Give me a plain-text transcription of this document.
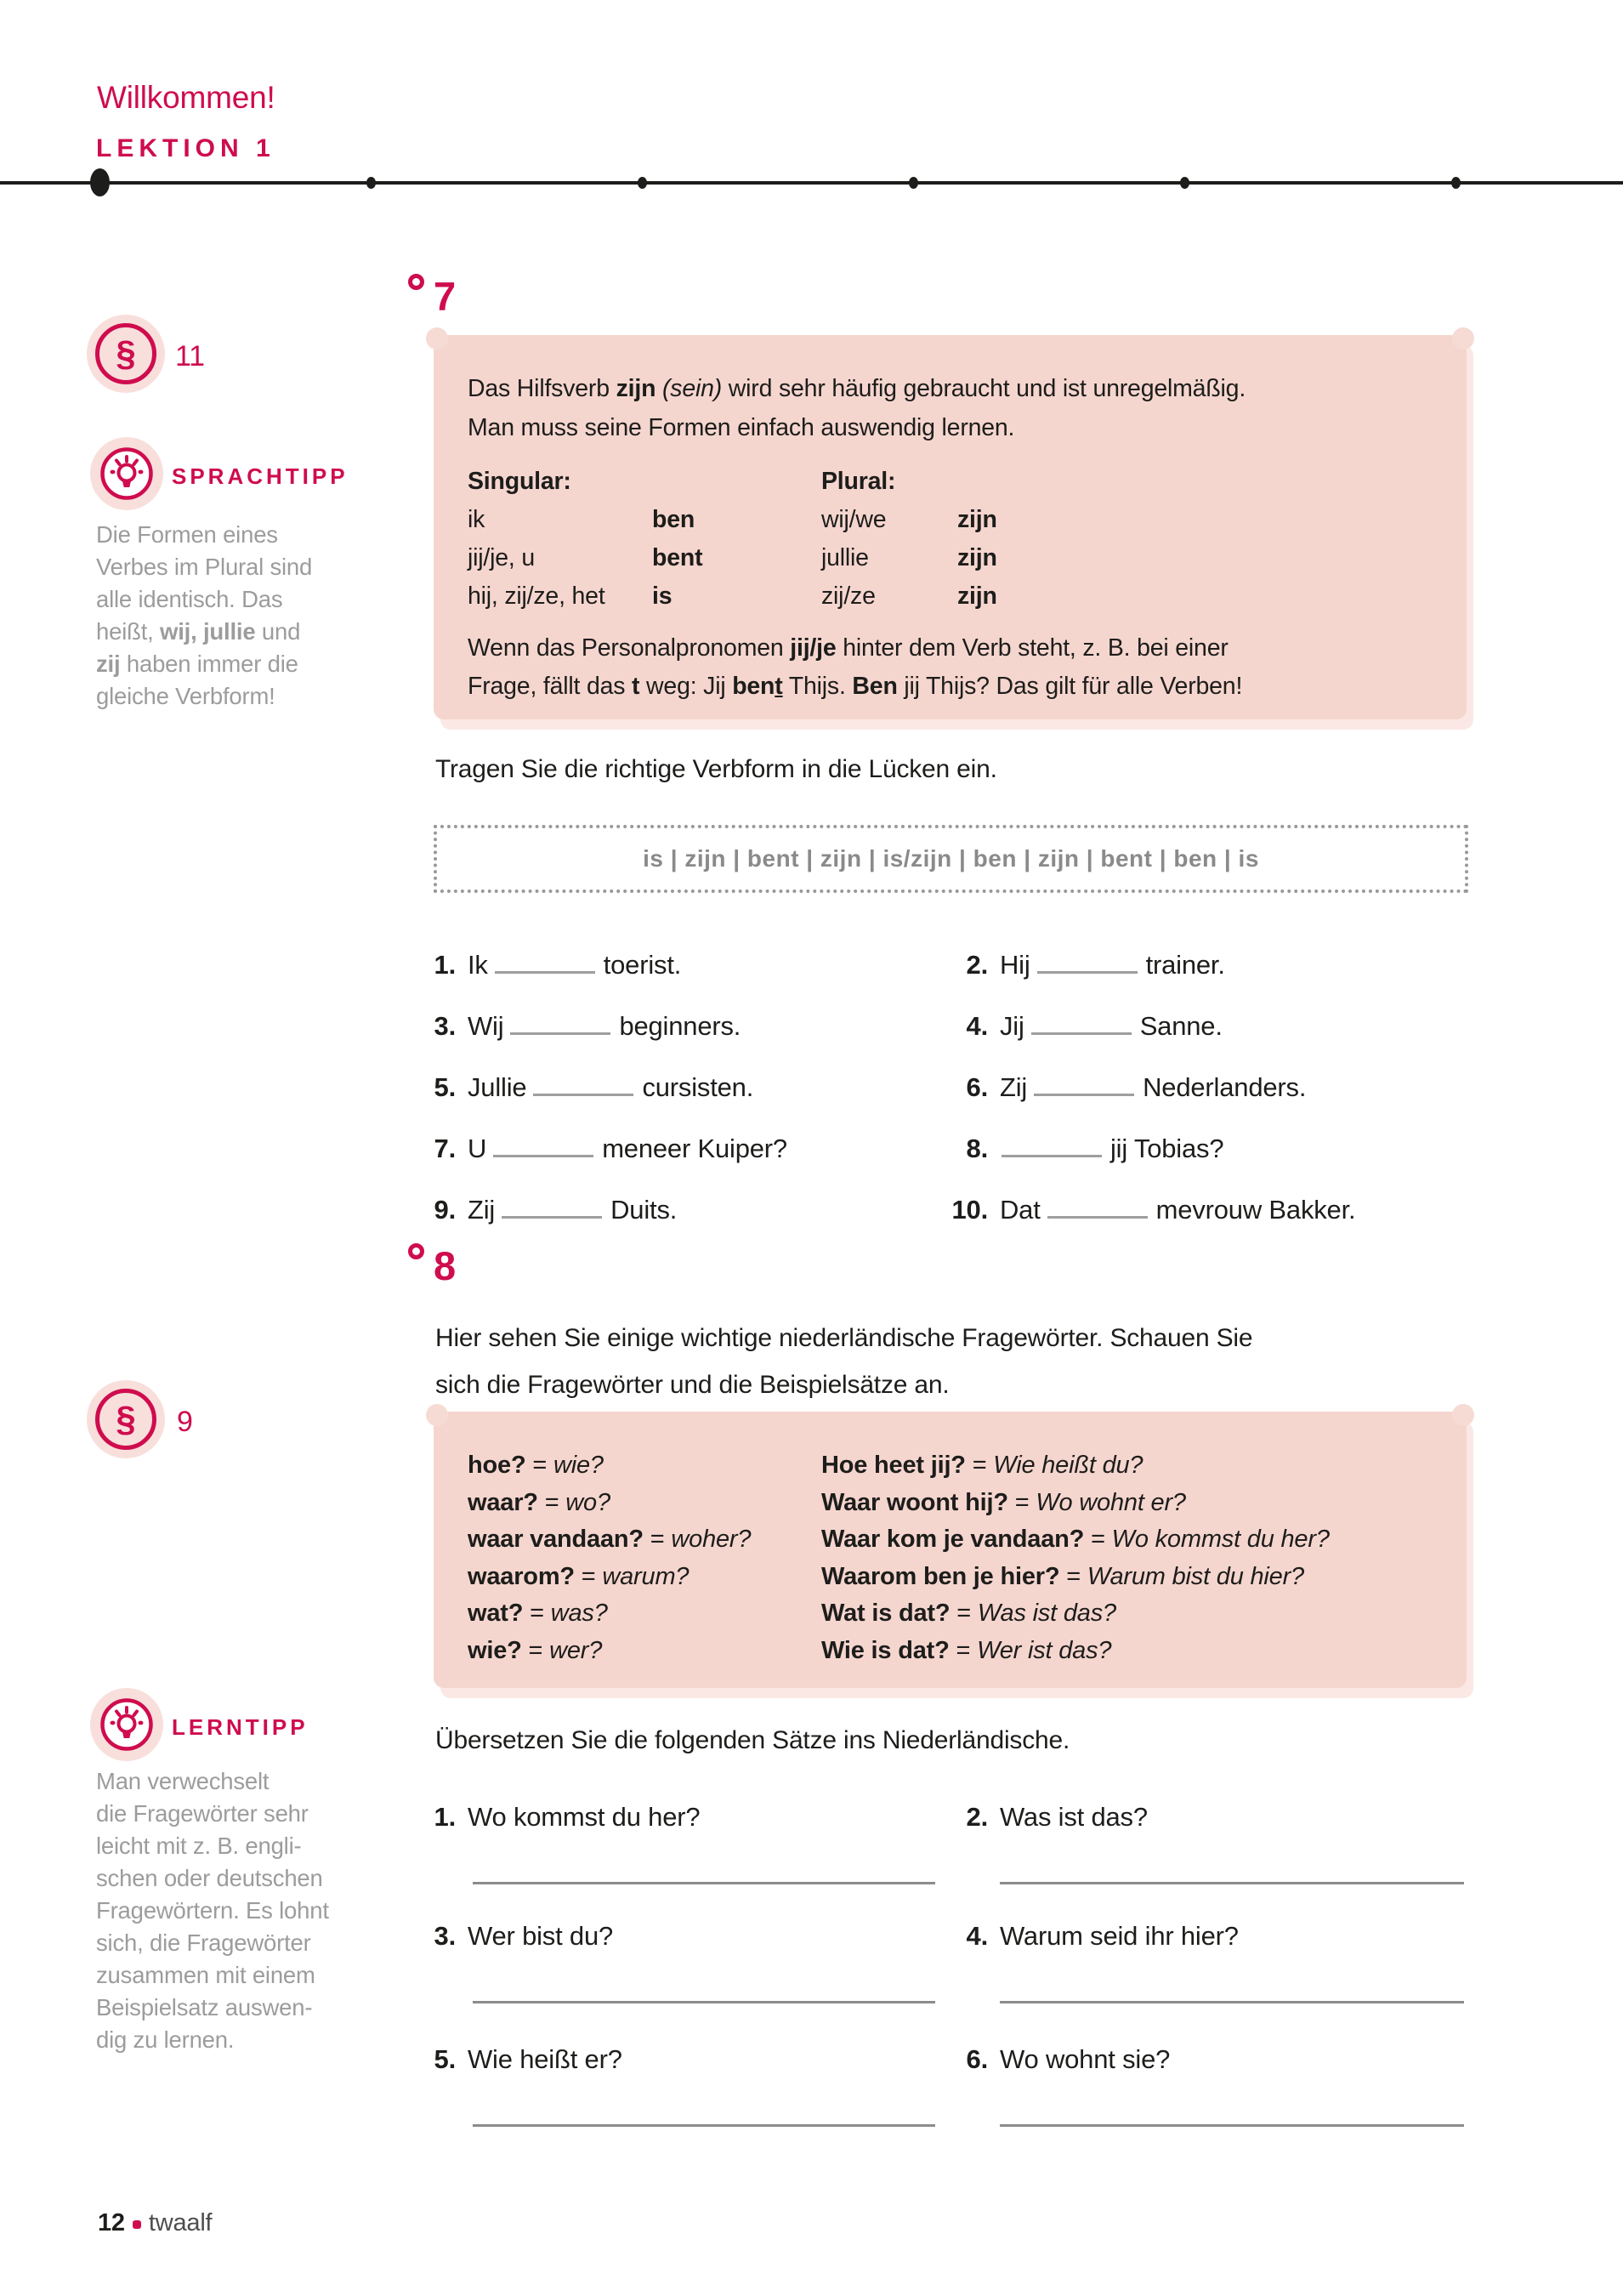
Willkommen!
LEKTION 1
§ 11
SPRACHTIPP
Die Formen eines
Verbes im Plural sind
alle identisch. Das
heißt, wij, jullie und
zij haben immer die
gleiche Verbform!
§ 9
LERNTIPP
Man verwechselt
die Fragewörter sehr
leicht mit z. B. engli-
schen oder deutschen
Fragewörtern. Es lohnt
sich, die Fragewörter
zusammen mit einem
Beispielsatz auswen-
dig zu lernen.
7
Das Hilfsverb zijn (sein) wird sehr häufig gebraucht und ist unregelmäßig.
Man muss seine Formen einfach auswendig lernen.
Singular:	Plural:
ik	ben	wij/we	zijn
jij/je, u	bent	jullie	zijn
hij, zij/ze, het	is	zij/ze	zijn
Wenn das Personalpronomen jij/je hinter dem Verb steht, z. B. bei einer
Frage, fällt das t weg: Jij bent Thijs. Ben jij Thijs? Das gilt für alle Verben!
Tragen Sie die richtige Verbform in die Lücken ein.
is | zijn | bent | zijn | is/zijn | ben | zijn | bent | ben | is
1. Ik	toerist.	2. Hij	trainer.
3. Wij	beginners.	4. Jij	Sanne.
5. Jullie	cursisten.	6. Zij	Nederlanders.
7. U	meneer Kuiper?	8.	jij Tobias?
9. Zij	Duits.	10. Dat	mevrouw Bakker.
8
Hier sehen Sie einige wichtige niederländische Fragewörter. Schauen Sie
sich die Fragewörter und die Beispielsätze an.
hoe? = wie?	Hoe heet jij? = Wie heißt du?
waar? = wo?	Waar woont hij? = Wo wohnt er?
waar vandaan? = woher?	Waar kom je vandaan? = Wo kommst du her?
waarom? = warum?	Waarom ben je hier? = Warum bist du hier?
wat? = was?	Wat is dat? = Was ist das?
wie? = wer?	Wie is dat? = Wer ist das?
Übersetzen Sie die folgenden Sätze ins Niederländische.
1. Wo kommst du her?	2. Was ist das?
3. Wer bist du?	4. Warum seid ihr hier?
5. Wie heißt er?	6. Wo wohnt sie?
12 twaalf
